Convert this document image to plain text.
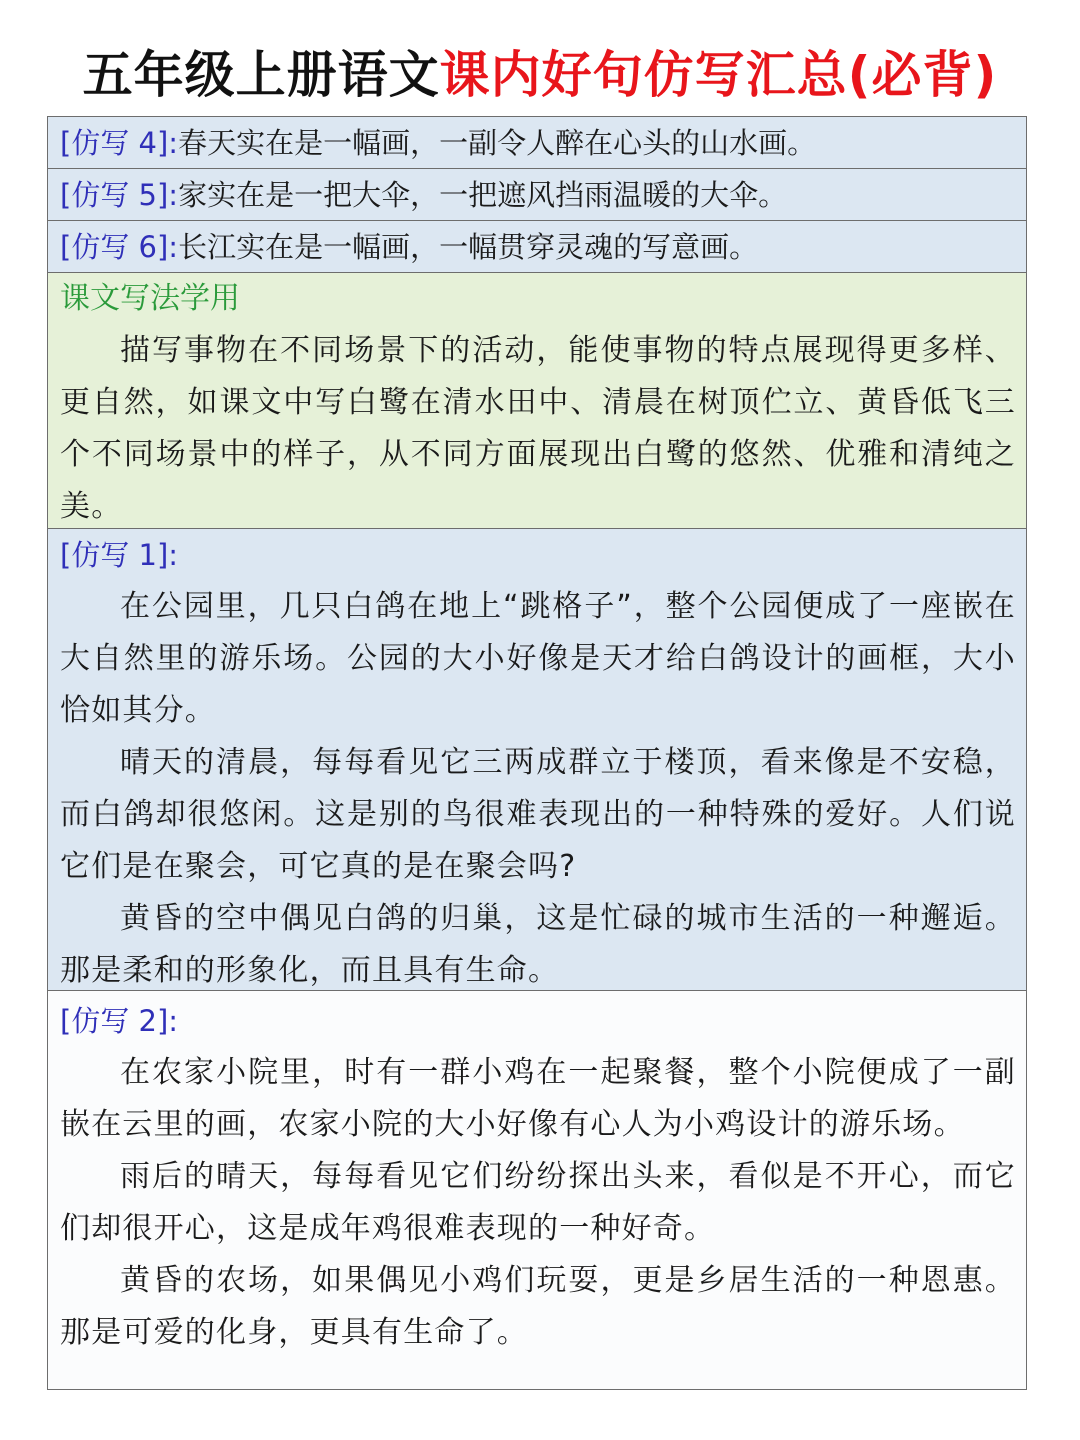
五年级上册语文课内好句仿写汇总(必背)
[仿写 4]:春天实在是一幅画，一副令人醉在心头的山水画。
[仿写 5]:家实在是一把大伞，一把遮风挡雨温暖的大伞。
[仿写 6]:长江实在是一幅画，一幅贯穿灵魂的写意画。
课文写法学用

描写事物在不同场景下的活动，能使事物的特点展现得更多样、更自然，如课文中写白鹭在清水田中、清晨在树顶伫立、黄昏低飞三个不同场景中的样子，从不同方面展现出白鹭的悠然、优雅和清纯之美。

[仿写 1]:

在公园里，几只白鸽在地上“跳格子”，整个公园便成了一座嵌在大自然里的游乐场。公园的大小好像是天才给白鸽设计的画框，大小恰如其分。

晴天的清晨，每每看见它三两成群立于楼顶，看来像是不安稳，而白鸽却很悠闲。这是别的鸟很难表现出的一种特殊的爱好。人们说它们是在聚会，可它真的是在聚会吗?

黄昏的空中偶见白鸽的归巢，这是忙碌的城市生活的一种邂逅。那是柔和的形象化，而且具有生命。

[仿写 2]:

在农家小院里，时有一群小鸡在一起聚餐，整个小院便成了一副嵌在云里的画，农家小院的大小好像有心人为小鸡设计的游乐场。

雨后的晴天，每每看见它们纷纷探出头来，看似是不开心，而它们却很开心，这是成年鸡很难表现的一种好奇。

黄昏的农场，如果偶见小鸡们玩耍，更是乡居生活的一种恩惠。那是可爱的化身，更具有生命了。
